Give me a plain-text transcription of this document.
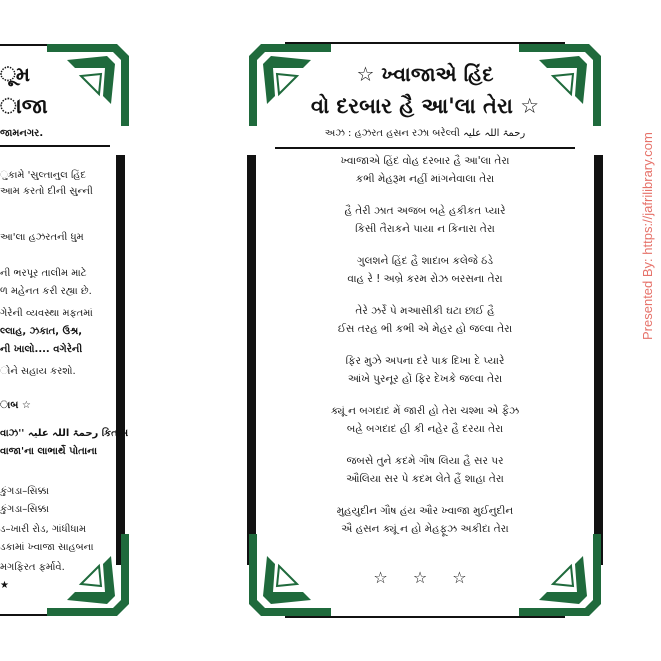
ૂમ
ાજા
જામનગર.
ુકામે 'સુલ્તાનુલ હિંદ
આમ કરતો દીની સુન્ની
આ'લા હઝરતની ધુમ
ની ભરપૂર તાલીમ માટે
ળ મહેનત કરી રહ્યા છે.
ગેરેની વ્યવસ્થા મફતમાં
લ્લાહ, ઝકાત, ઉશ્ર,
ની ખાલો.... વગેરેની
ોને સહાય કરશો.
ાબ ☆
વાઝ'' رحمۃ اللہ علیہ કિતાબ
વાજા'ના લાભાર્થે પોતાના
કુંગડા–સિક્કા
કુંગડા–સિક્કા
ડ–ખારી રોડ, ગાંધીધામ
ડકામાં ખ્વાજા સાહબના
મગફિરત ફર્માવે.
★
☆ ખ્વાજાએ હિંદ
વો દરબાર હૈ આ'લા તેરા ☆
અઝ : હઝરત હસન રઝા બરેલ્વી رحمۃ اللہ علیہ
ખ્વાજાએ હિંદ વોહ દરબાર હૈ આ'લા તેરા
કભી મેહરૂમ નહીં માંગનેવાલા તેરા
હૈ તેરી ઝાત અજબ બહ્રે હકીકત પ્યારે
કિસી તૈરાકને પાયા ન કિનારા તેરા
ગુલશને હિંદ હૈ શાદાબ કલેજે ઠંડે
વાહ રે ! અબ્રે કરમ રોઝ બરસના તેરા
તેરે ઝર્રે પે મઆસીકી ઘટા છાઈ હૈ
ઈસ તરહ ભી કભી એ મેહર હો જલ્વા તેરા
ફિર મુઝે અપના દરે પાક દિખા દે પ્યારે
આંખે પુરનૂર હોં ફિર દેખકે જલ્વા તેરા
ક્યૂં ન બગદાદ મેં જારી હો તેરા ચશ્મા એ ફૈઝ
બહ્રે બગદાદ હી કી નહેર હૈ દરયા તેરા
જબસે તુને કદમે ગૌષ લિયા હૈ સર પર
ઔલિયા સર પે કદમ લેતે હૈં શાહા તેરા
મુહયુદીન ગૌષ હંય ઔર ખ્વાજા મુઈનુદીન
ઐ હસન ક્યૂં ન હો મેહફૂઝ અકીદા તેરા
☆ ☆ ☆
Presented By: https://jafrilibrary.com
